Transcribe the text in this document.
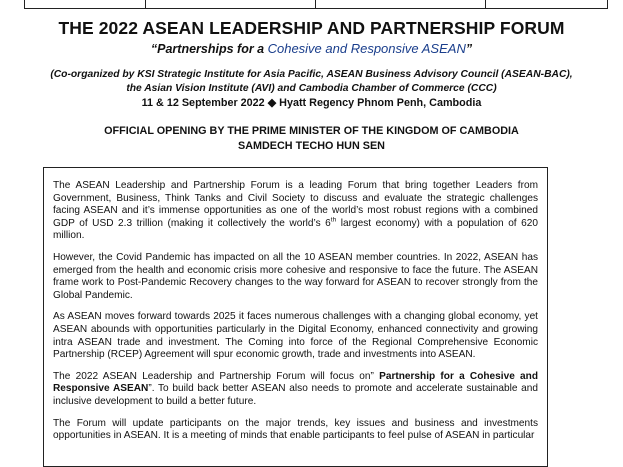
THE 2022 ASEAN LEADERSHIP AND PARTNERSHIP FORUM
“Partnerships for a Cohesive and Responsive ASEAN”
(Co-organized by KSI Strategic Institute for Asia Pacific, ASEAN Business Advisory Council (ASEAN-BAC),
the Asian Vision Institute (AVI) and Cambodia Chamber of Commerce (CCC)
11 & 12 September 2022 ◆ Hyatt Regency Phnom Penh, Cambodia
OFFICIAL OPENING BY THE PRIME MINISTER OF THE KINGDOM OF CAMBODIA
SAMDECH TECHO HUN SEN

The ASEAN Leadership and Partnership Forum is a leading Forum that bring together Leaders from Government, Business, Think Tanks and Civil Society to discuss and evaluate the strategic challenges facing ASEAN and it’s immense opportunities as one of the world’s most robust regions with a combined GDP of USD 2.3 trillion (making it collectively the world’s 6th largest economy) with a population of 620 million.

However, the Covid Pandemic has impacted on all the 10 ASEAN member countries. In 2022, ASEAN has emerged from the health and economic crisis more cohesive and responsive to face the future. The ASEAN frame work to Post-Pandemic Recovery changes to the way forward for ASEAN to recover strongly from the Global Pandemic.

As ASEAN moves forward towards 2025 it faces numerous challenges with a changing global economy, yet ASEAN abounds with opportunities particularly in the Digital Economy, enhanced connectivity and growing intra ASEAN trade and investment. The Coming into force of the Regional Comprehensive Economic Partnership (RCEP) Agreement will spur economic growth, trade and investments into ASEAN.

The 2022 ASEAN Leadership and Partnership Forum will focus on” Partnership for a Cohesive and Responsive ASEAN”. To build back better ASEAN also needs to promote and accelerate sustainable and inclusive development to build a better future.

The Forum will update participants on the major trends, key issues and business and investments opportunities in ASEAN. It is a meeting of minds that enable participants to feel pulse of ASEAN in particular
